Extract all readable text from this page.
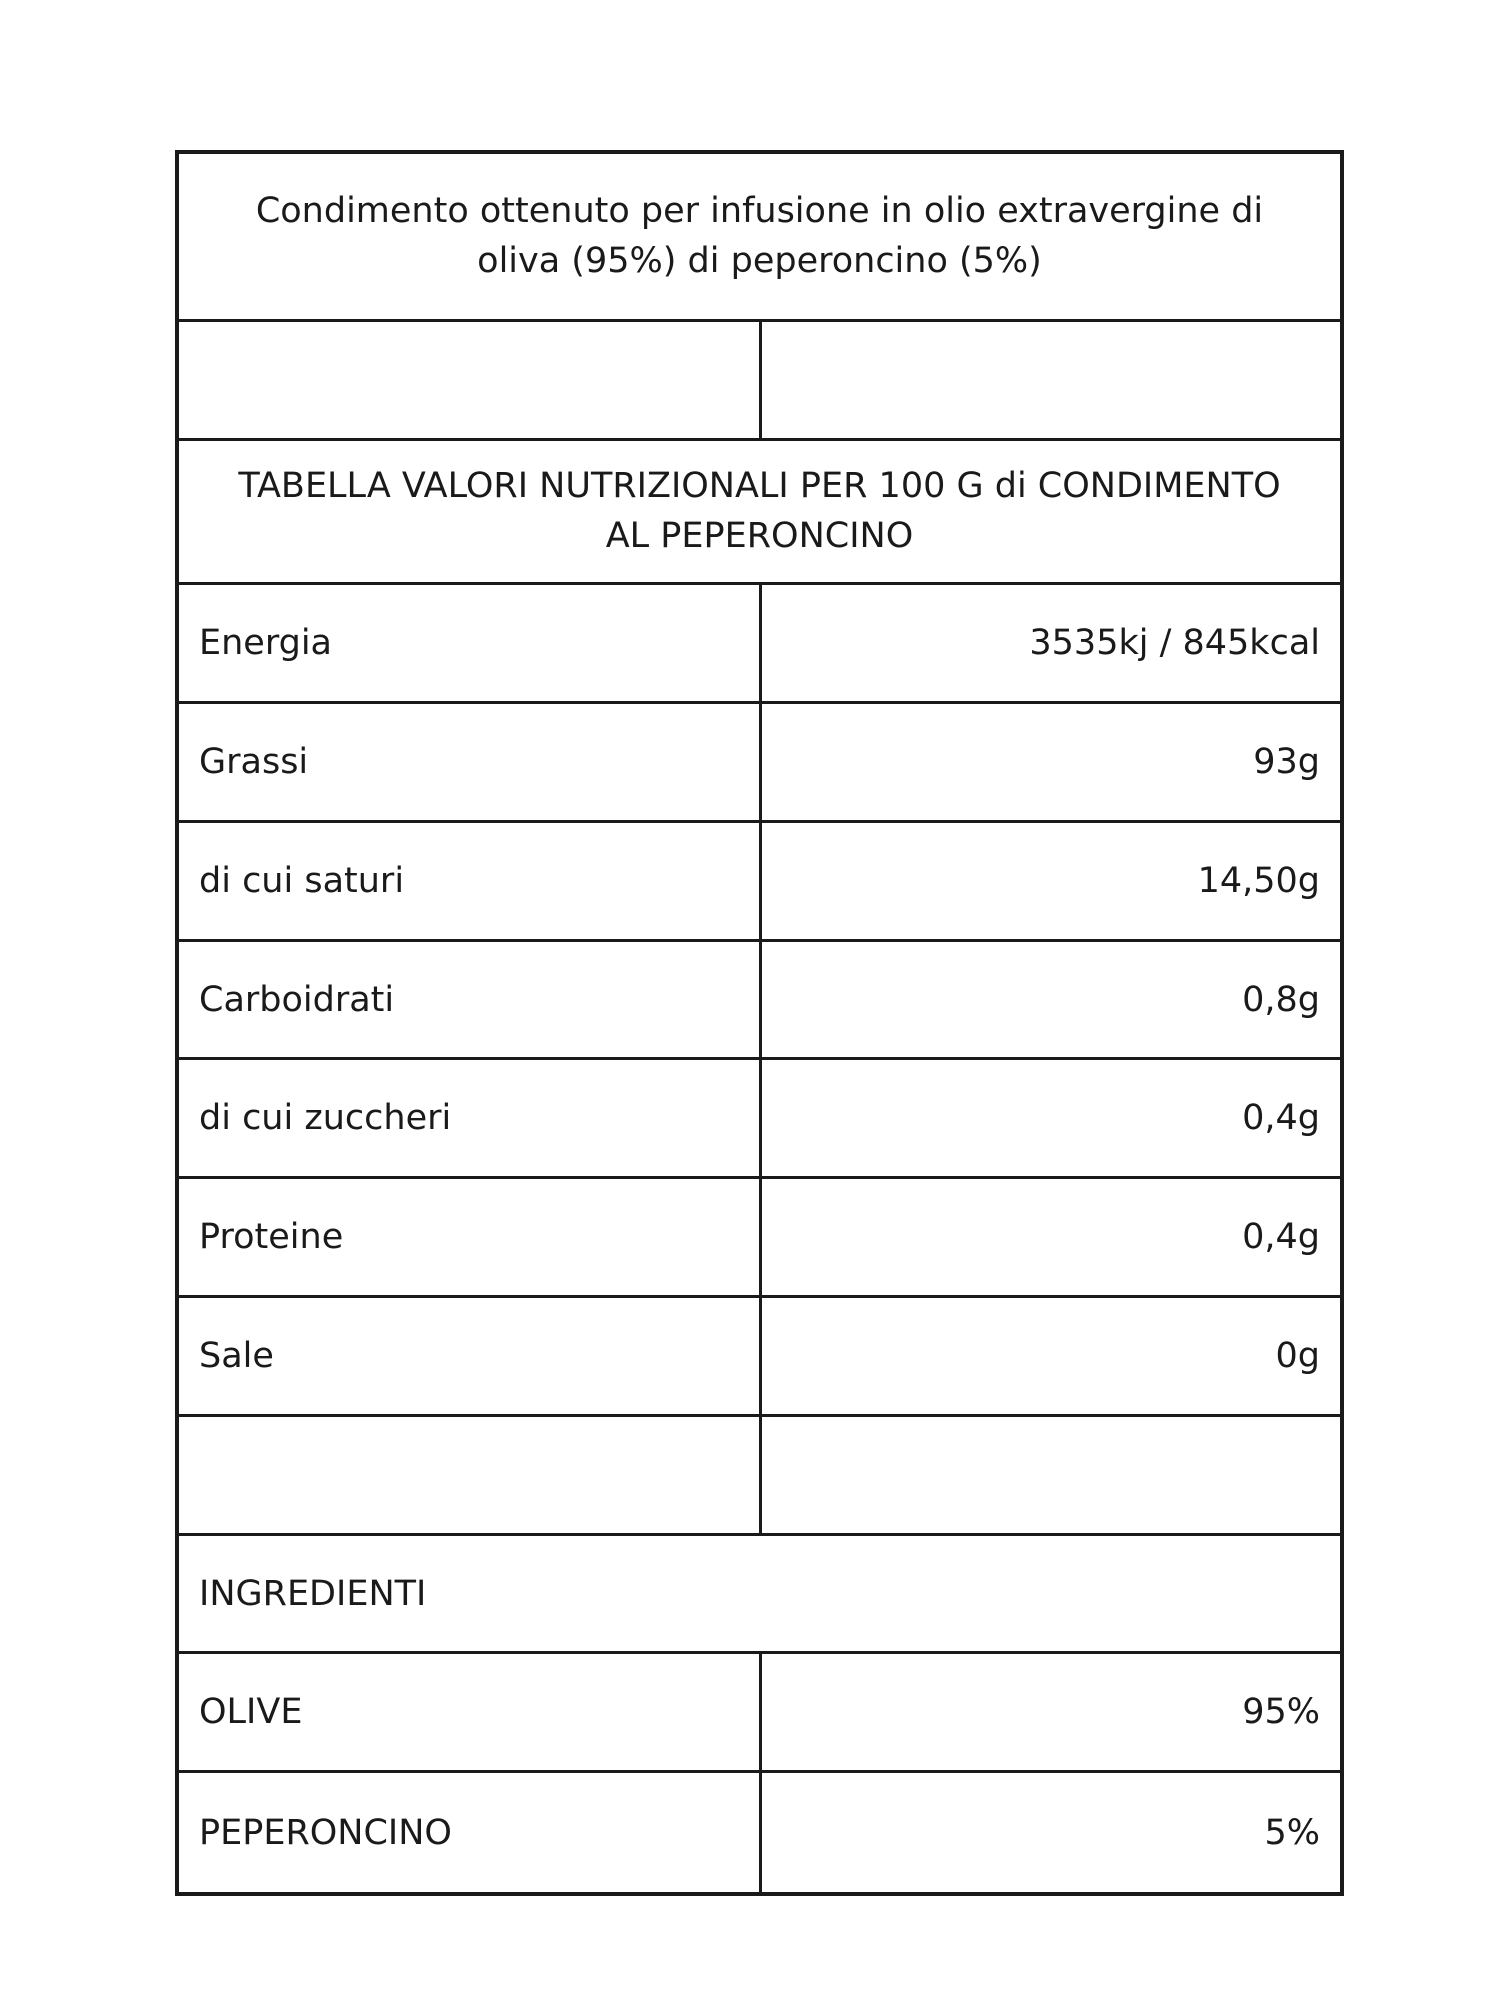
Condimento ottenuto per infusione in olio extravergine di oliva (95%) di peperoncino (5%)
TABELLA VALORI NUTRIZIONALI PER 100 G di CONDIMENTO AL PEPERONCINO
Energia	3535kj / 845kcal
Grassi	93g
di cui saturi	14,50g
Carboidrati	0,8g
di cui zuccheri	0,4g
Proteine	0,4g
Sale	0g
INGREDIENTI
OLIVE	95%
PEPERONCINO	5%
